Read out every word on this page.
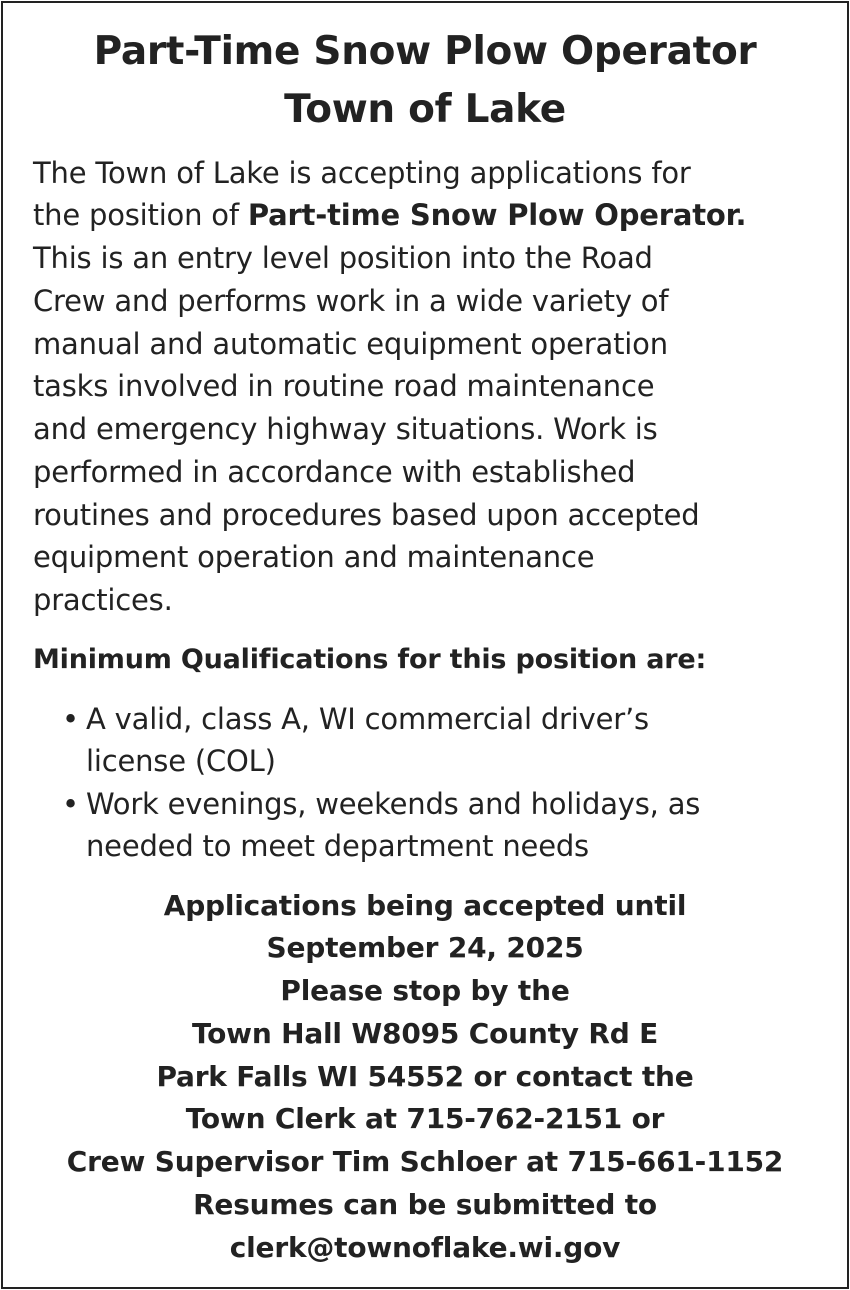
Part-Time Snow Plow Operator
Town of Lake
The Town of Lake is accepting applications for
the position of Part-time Snow Plow Operator.
This is an entry level position into the Road
Crew and performs work in a wide variety of
manual and automatic equipment operation
tasks involved in routine road maintenance
and emergency highway situations. Work is
performed in accordance with established
routines and procedures based upon accepted
equipment operation and maintenance
practices.
Minimum Qualifications for this position are:
• A valid, class A, WI commercial driver’s
license (COL)
• Work evenings, weekends and holidays, as
needed to meet department needs
Applications being accepted until
September 24, 2025
Please stop by the
Town Hall W8095 County Rd E
Park Falls WI 54552 or contact the
Town Clerk at 715-762-2151 or
Crew Supervisor Tim Schloer at 715-661-1152
Resumes can be submitted to
clerk@townoflake.wi.gov
